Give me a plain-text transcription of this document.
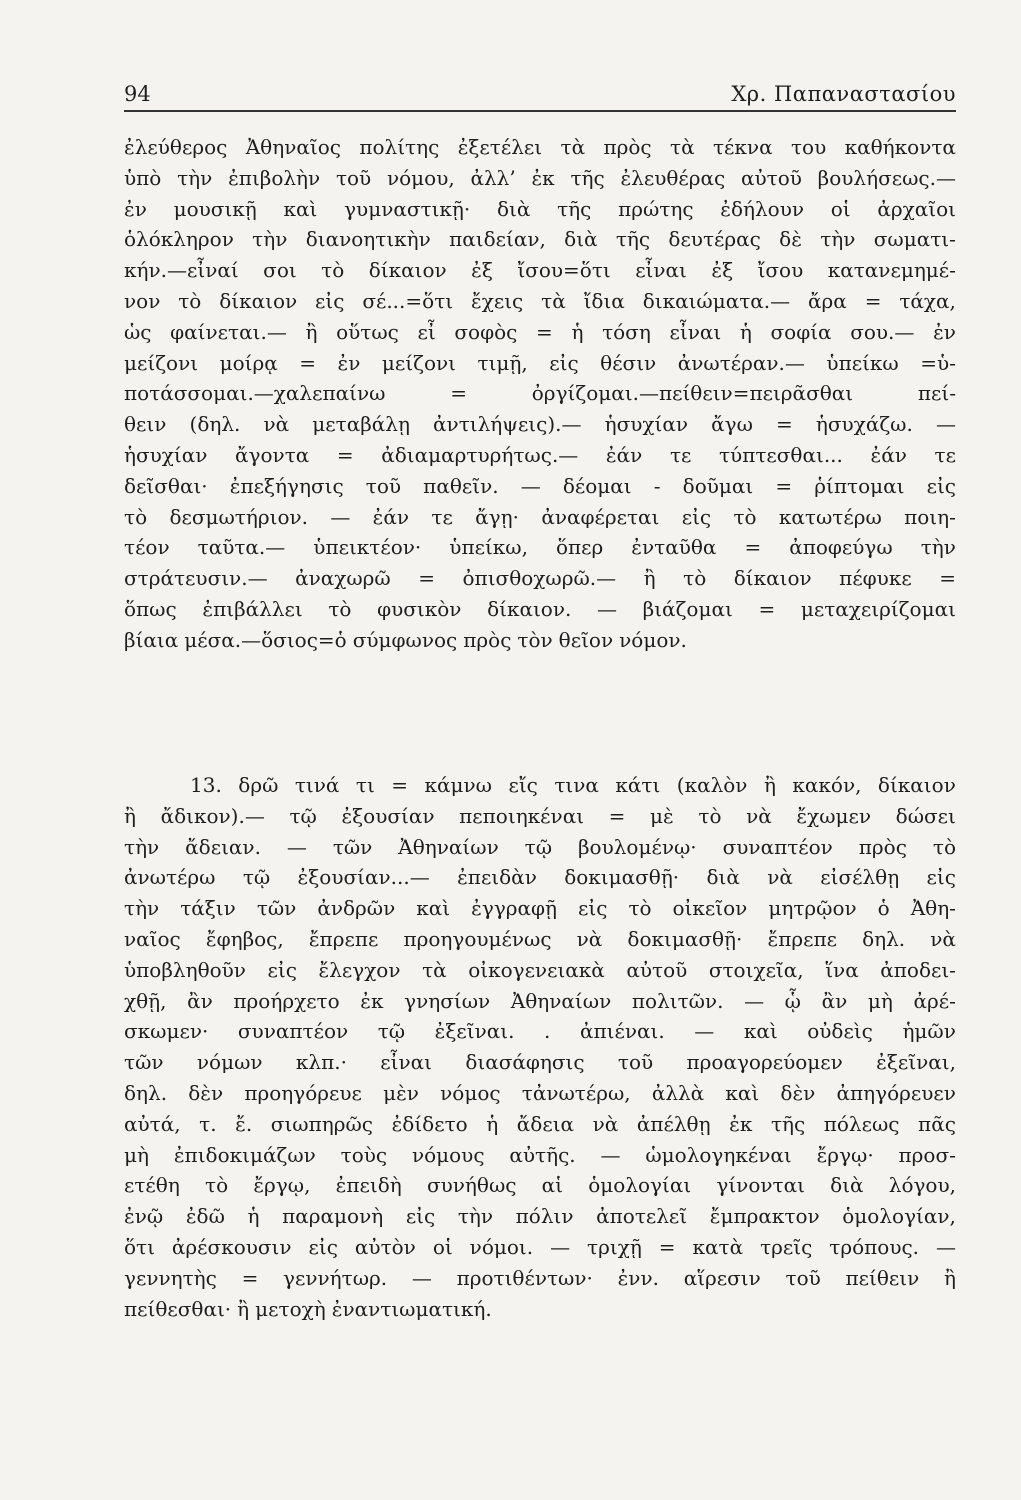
94	Χρ. Παπαναστασίου
ἐλεύθερος Ἀθηναῖος πολίτης ἐξετέλει τὰ πρὸς τὰ τέκνα του καθήκοντα
ὑπὸ τὴν ἐπιβολὴν τοῦ νόμου, ἀλλ’ ἐκ τῆς ἐλευθέρας αὐτοῦ βουλήσεως.—
ἐν μουσικῇ καὶ γυμναστικῇ· διὰ τῆς πρώτης ἐδήλουν οἱ ἀρχαῖοι
ὁλόκληρον τὴν διανοητικὴν παιδείαν, διὰ τῆς δευτέρας δὲ τὴν σωματι-
κήν.—εἶναί σοι τὸ δίκαιον ἐξ ἴσου=ὅτι εἶναι ἐξ ἴσου κατανεμημέ-
νον τὸ δίκαιον εἰς σέ...=ὅτι ἔχεις τὰ ἴδια δικαιώματα.— ἄρα = τάχα,
ὡς φαίνεται.— ἢ οὕτως εἶ σοφὸς = ἡ τόση εἶναι ἡ σοφία σου.— ἐν
μείζονι μοίρᾳ = ἐν μείζονι τιμῇ, εἰς θέσιν ἀνωτέραν.— ὑπείκω =ὑ-
ποτάσσομαι.—χαλεπαίνω	=	ὀργίζομαι.—πείθειν=πειρᾶσθαι	πεί-
θειν (δηλ. νὰ μεταβάλῃ ἀντιλήψεις).— ἡσυχίαν ἄγω = ἡσυχάζω. —
ἡσυχίαν ἄγοντα = ἀδιαμαρτυρήτως.— ἐάν τε τύπτεσθαι... ἐάν τε
δεῖσθαι· ἐπεξήγησις τοῦ παθεῖν. — δέομαι - δοῦμαι = ῥίπτομαι εἰς
τὸ δεσμωτήριον. — ἐάν τε ἄγῃ· ἀναφέρεται εἰς τὸ κατωτέρω ποιη-
τέον ταῦτα.— ὑπεικτέον· ὑπείκω, ὅπερ ἐνταῦθα = ἀποφεύγω τὴν
στράτευσιν.— ἀναχωρῶ = ὀπισθοχωρῶ.— ἢ τὸ δίκαιον πέφυκε =
ὅπως ἐπιβάλλει τὸ φυσικὸν δίκαιον. — βιάζομαι = μεταχειρίζομαι
βίαια μέσα.—ὅσιος=ὁ σύμφωνος πρὸς τὸν θεῖον νόμον.
13. δρῶ τινά τι = κάμνω εἴς τινα κάτι (καλὸν ἢ κακόν, δίκαιον
ἢ ἄδικον).— τῷ ἐξουσίαν πεποιηκέναι = μὲ τὸ νὰ ἔχωμεν δώσει
τὴν ἄδειαν. — τῶν Ἀθηναίων τῷ βουλομένῳ· συναπτέον πρὸς τὸ
ἀνωτέρω τῷ ἐξουσίαν...— ἐπειδὰν δοκιμασθῇ· διὰ νὰ εἰσέλθῃ εἰς
τὴν τάξιν τῶν ἀνδρῶν καὶ ἐγγραφῇ εἰς τὸ οἰκεῖον μητρῷον ὁ Ἀθη-
ναῖος ἔφηβος, ἔπρεπε προηγουμένως νὰ δοκιμασθῇ· ἔπρεπε δηλ. νὰ
ὑποβληθοῦν εἰς ἔλεγχον τὰ οἰκογενειακὰ αὐτοῦ στοιχεῖα, ἵνα ἀποδει-
χθῇ, ἂν προήρχετο ἐκ γνησίων Ἀθηναίων πολιτῶν. — ᾧ ἂν μὴ ἀρέ-
σκωμεν· συναπτέον τῷ ἐξεῖναι. . ἀπιέναι. — καὶ οὐδεὶς ἡμῶν
τῶν νόμων κλπ.· εἶναι διασάφησις τοῦ προαγορεύομεν ἐξεῖναι,
δηλ. δὲν προηγόρευε μὲν νόμος τἀνωτέρω, ἀλλὰ καὶ δὲν ἀπηγόρευεν
αὐτά, τ. ἔ. σιωπηρῶς ἐδίδετο ἡ ἄδεια νὰ ἀπέλθῃ ἐκ τῆς πόλεως πᾶς
μὴ ἐπιδοκιμάζων τοὺς νόμους αὐτῆς. — ὡμολογηκέναι ἔργῳ· προσ-
ετέθη τὸ ἔργῳ, ἐπειδὴ συνήθως αἱ ὁμολογίαι γίνονται διὰ λόγου,
ἐνῷ ἐδῶ ἡ παραμονὴ εἰς τὴν πόλιν ἀποτελεῖ ἔμπρακτον ὁμολογίαν,
ὅτι ἀρέσκουσιν εἰς αὐτὸν οἱ νόμοι. — τριχῇ = κατὰ τρεῖς τρόπους. —
γεννητὴς = γεννήτωρ. — προτιθέντων· ἐνν. αἵρεσιν τοῦ πείθειν ἢ
πείθεσθαι· ἢ μετοχὴ ἐναντιωματική.
